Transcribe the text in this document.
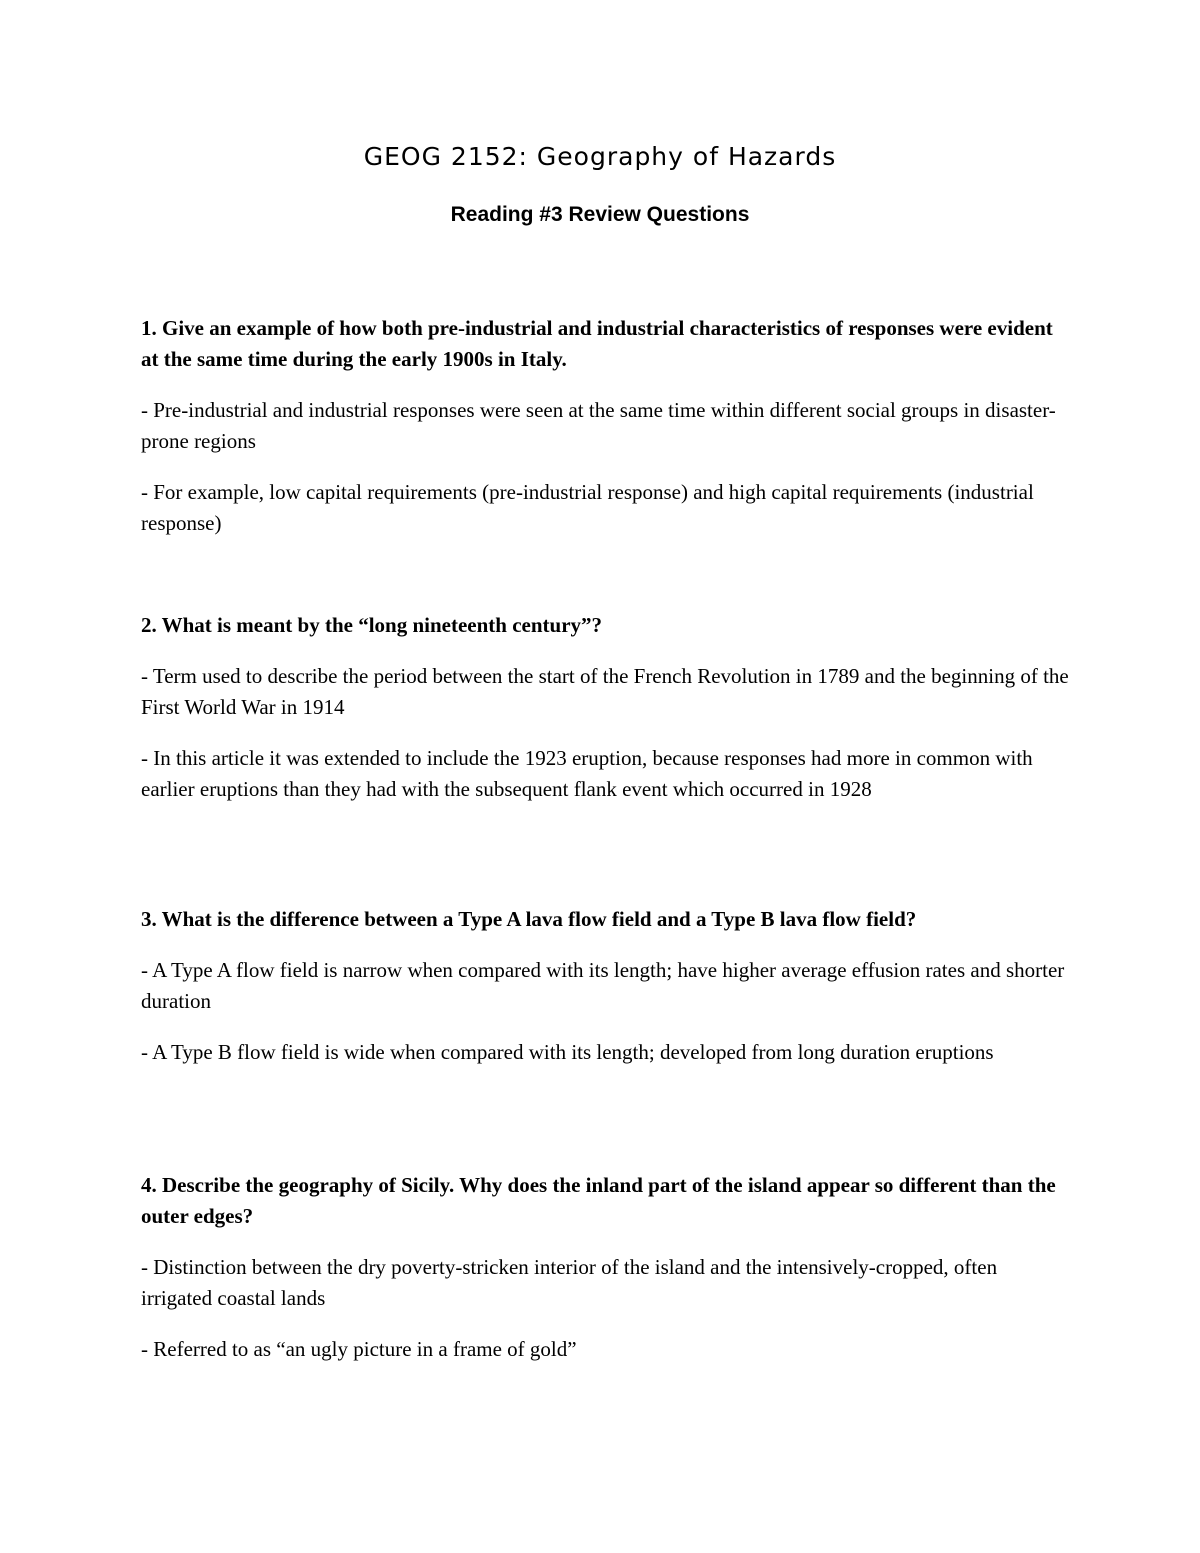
GEOG 2152: Geography of Hazards
Reading #3 Review Questions

1. Give an example of how both pre-industrial and industrial characteristics of responses were evident at the same time during the early 1900s in Italy.

- Pre-industrial and industrial responses were seen at the same time within different social groups in disaster-prone regions

- For example, low capital requirements (pre-industrial response) and high capital requirements (industrial response)

2. What is meant by the “long nineteenth century”?

- Term used to describe the period between the start of the French Revolution in 1789 and the beginning of the First World War in 1914

- In this article it was extended to include the 1923 eruption, because responses had more in common with earlier eruptions than they had with the subsequent flank event which occurred in 1928

3. What is the difference between a Type A lava flow field and a Type B lava flow field?

- A Type A flow field is narrow when compared with its length; have higher average effusion rates and shorter duration

- A Type B flow field is wide when compared with its length; developed from long duration eruptions

4. Describe the geography of Sicily. Why does the inland part of the island appear so different than the outer edges?

- Distinction between the dry poverty-stricken interior of the island and the intensively-cropped, often irrigated coastal lands

- Referred to as “an ugly picture in a frame of gold”
